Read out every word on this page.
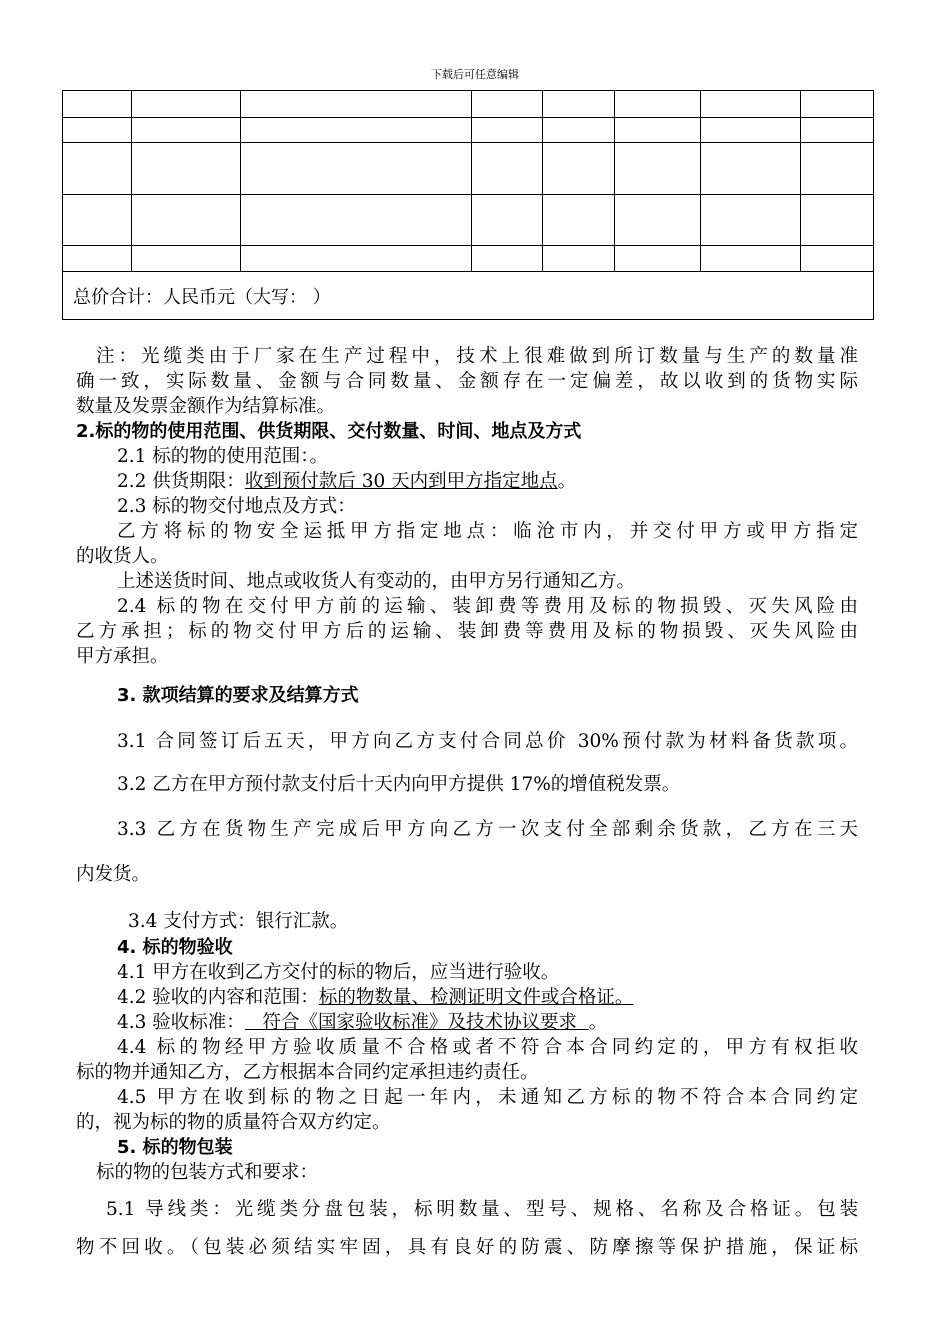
下载后可任意编辑

总价合计：人民币元（大写： ）							

注：光缆类由于厂家在生产过程中，技术上很难做到所订数量与生产的数量准

确一致，实际数量、金额与合同数量、金额存在一定偏差，故以收到的货物实际

数量及发票金额作为结算标准。

2.标的物的使用范围、供货期限、交付数量、时间、地点及方式

2.1 标的物的使用范围：。

2.2 供货期限：收到预付款后 30 天内到甲方指定地点。

2.3 标的物交付地点及方式：

乙方将标的物安全运抵甲方指定地点：临沧市内，并交付甲方或甲方指定

的收货人。

上述送货时间、地点或收货人有变动的，由甲方另行通知乙方。

2.4 标的物在交付甲方前的运输、装卸费等费用及标的物损毁、灭失风险由

乙方承担；标的物交付甲方后的运输、装卸费等费用及标的物损毁、灭失风险由

甲方承担。

3. 款项结算的要求及结算方式

3.1 合同签订后五天，甲方向乙方支付合同总价 30%预付款为材料备货款项。

3.2 乙方在甲方预付款支付后十天内向甲方提供 17%的增值税发票。

3.3 乙方在货物生产完成后甲方向乙方一次支付全部剩余货款，乙方在三天

内发货。

3.4 支付方式：银行汇款。

4. 标的物验收

4.1 甲方在收到乙方交付的标的物后，应当进行验收。

4.2 验收的内容和范围：标的物数量、检测证明文件或合格证。

4.3 验收标准：   符合《国家验收标准》及技术协议要求  。

4.4 标的物经甲方验收质量不合格或者不符合本合同约定的，甲方有权拒收

标的物并通知乙方，乙方根据本合同约定承担违约责任。

4.5 甲方在收到标的物之日起一年内，未通知乙方标的物不符合本合同约定

的，视为标的物的质量符合双方约定。

5. 标的物包装

标的物的包装方式和要求：

5.1 导线类：光缆类分盘包装，标明数量、型号、规格、名称及合格证。包装

物不回收。（包装必须结实牢固，具有良好的防震、防摩擦等保护措施，保证标
